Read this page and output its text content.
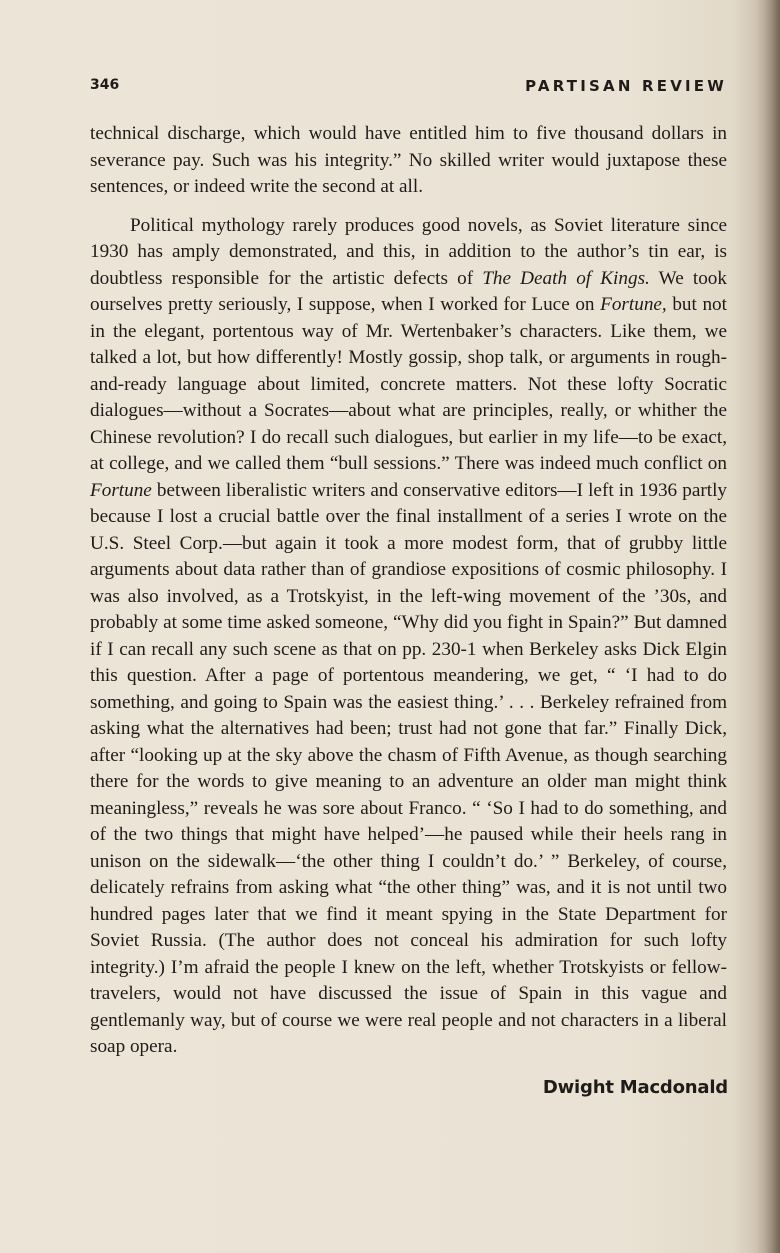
346	PARTISAN REVIEW

technical discharge, which would have entitled him to five thousand dollars in severance pay. Such was his integrity.” No skilled writer would juxtapose these sentences, or indeed write the second at all.

Political mythology rarely produces good novels, as Soviet literature since 1930 has amply demonstrated, and this, in addition to the author’s tin ear, is doubtless responsible for the artistic defects of The Death of Kings. We took ourselves pretty seriously, I suppose, when I worked for Luce on Fortune, but not in the elegant, portentous way of Mr. Wertenbaker’s characters. Like them, we talked a lot, but how differently! Mostly gossip, shop talk, or arguments in rough-and-ready language about limited, concrete matters. Not these lofty Socratic dialogues—without a Socrates—about what are principles, really, or whither the Chinese revolution? I do recall such dialogues, but earlier in my life—to be exact, at college, and we called them “bull sessions.” There was indeed much conflict on Fortune between liberalistic writers and conservative editors—I left in 1936 partly because I lost a crucial battle over the final installment of a series I wrote on the U.S. Steel Corp.—but again it took a more modest form, that of grubby little arguments about data rather than of grandiose expositions of cosmic philosophy. I was also involved, as a Trotskyist, in the left-wing movement of the ’30s, and probably at some time asked someone, “Why did you fight in Spain?” But damned if I can recall any such scene as that on pp. 230-1 when Berkeley asks Dick Elgin this question. After a page of portentous meandering, we get, “ ‘I had to do something, and going to Spain was the easiest thing.’ . . . Berkeley refrained from asking what the alternatives had been; trust had not gone that far.” Finally Dick, after “looking up at the sky above the chasm of Fifth Avenue, as though searching there for the words to give meaning to an adventure an older man might think meaningless,” reveals he was sore about Franco. “ ‘So I had to do something, and of the two things that might have helped’—he paused while their heels rang in unison on the sidewalk—‘the other thing I couldn’t do.’ ” Berkeley, of course, delicately refrains from asking what “the other thing” was, and it is not until two hundred pages later that we find it meant spying in the State Department for Soviet Russia. (The author does not conceal his admiration for such lofty integrity.) I’m afraid the people I knew on the left, whether Trotskyists or fellow-travelers, would not have discussed the issue of Spain in this vague and gentlemanly way, but of course we were real people and not characters in a liberal soap opera.

Dwight Macdonald
